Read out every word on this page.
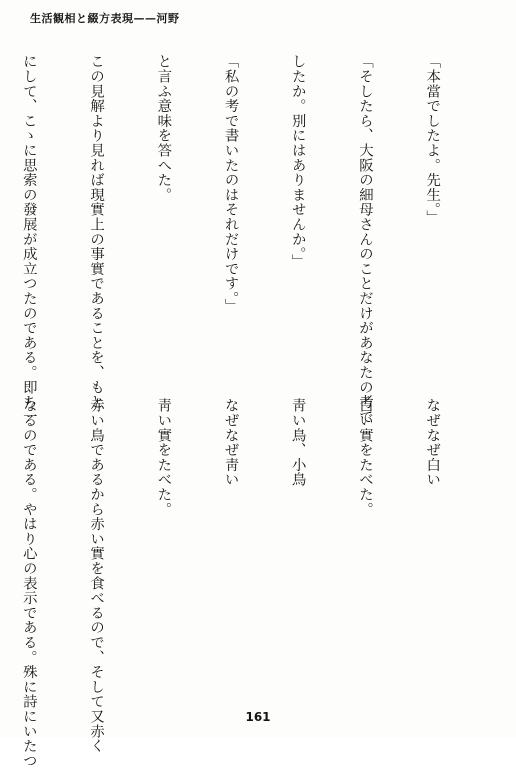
生活観相と綴方表現——河野

「本當でしたよ。先生。」

「そしたら、大阪の細母さんのことだけがあなたの考で

したか。別にはありませんか。」

「私の考で書いたのはそれだけです。」

と言ふ意味を答へた。

この見解より見れば現實上の事實であることを、もと

にして、こゝに思索の發展が成立つたのである。即ち一

なぜなぜ白い

白い實をたべた。

靑い鳥、小鳥

なぜなぜ靑い

靑い實をたべた。

赤い鳥であるから赤い實を食べるので、そして又赤く

なるのである。やはり心の表示である。殊に詩にいたつ

	161
